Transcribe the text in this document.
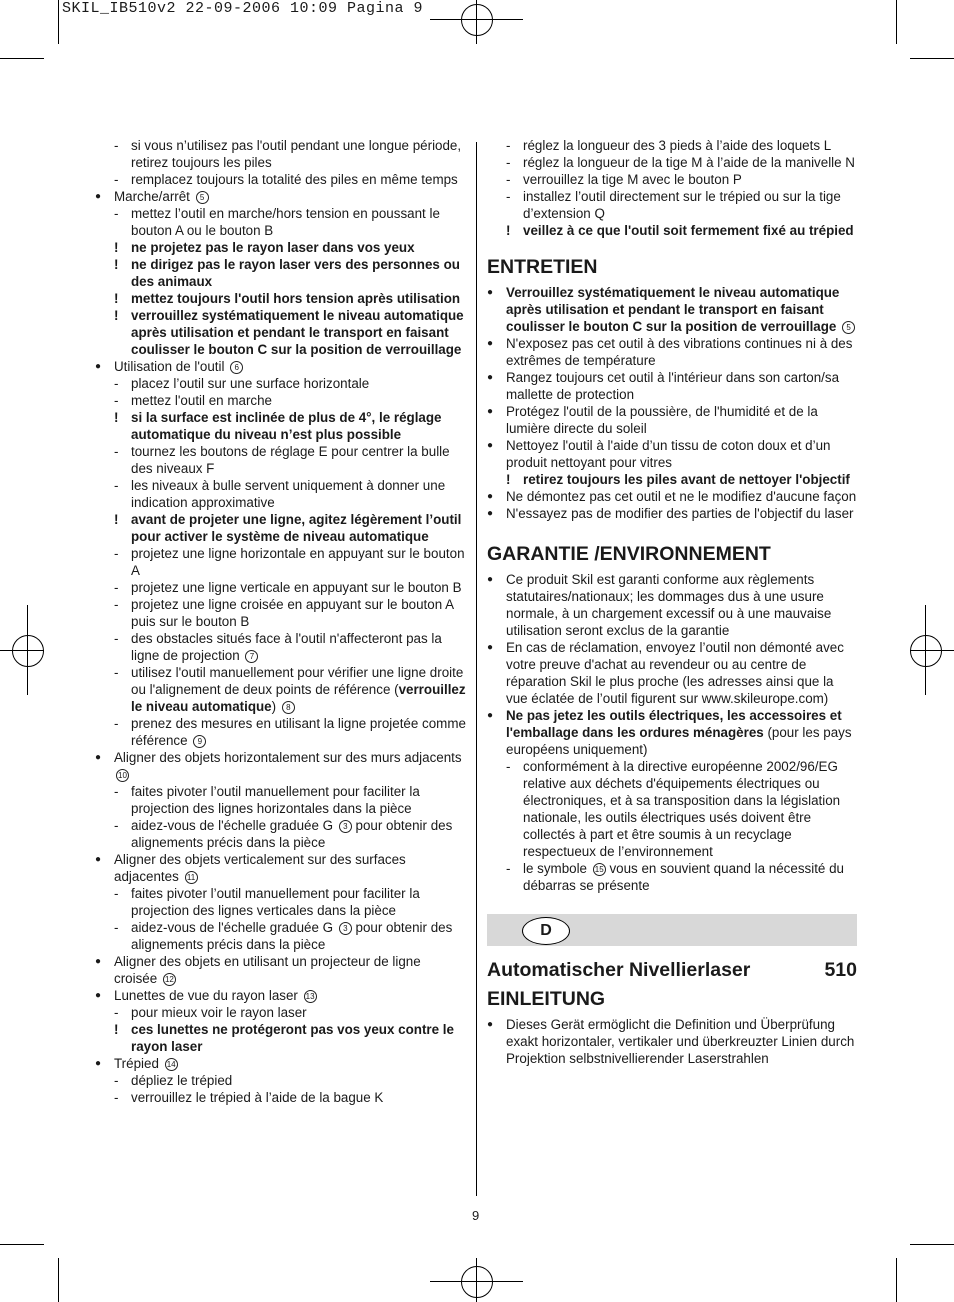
SKIL_IB510v2 22-09-2006 10:09 Pagina 9
- si vous n’utilisez pas l'outil pendant une longue période, retirez toujours les piles
- remplacez toujours la totalité des piles en même temps
● Marche/arrêt 5
- mettez l’outil en marche/hors tension en poussant le bouton A ou le bouton B
! ne projetez pas le rayon laser dans vos yeux
! ne dirigez pas le rayon laser vers des personnes ou des animaux
! mettez toujours l'outil hors tension après utilisation
! verrouillez systématiquement le niveau automatique après utilisation et pendant le transport en faisant coulisser le bouton C sur la position de verrouillage
● Utilisation de l'outil 6
- placez l’outil sur une surface horizontale
- mettez l'outil en marche
! si la surface est inclinée de plus de 4°, le réglage automatique du niveau n’est plus possible
- tournez les boutons de réglage E pour centrer la bulle des niveaux F
- les niveaux à bulle servent uniquement à donner une indication approximative
! avant de projeter une ligne, agitez légèrement l’outil pour activer le système de niveau automatique
- projetez une ligne horizontale en appuyant sur le bouton A
- projetez une ligne verticale en appuyant sur le bouton B
- projetez une ligne croisée en appuyant sur le bouton A puis sur le bouton B
- des obstacles situés face à l'outil n'affecteront pas la ligne de projection 7
- utilisez l'outil manuellement pour vérifier une ligne droite ou l'alignement de deux points de référence (verrouillez le niveau automatique) 8
- prenez des mesures en utilisant la ligne projetée comme référence 9
● Aligner des objets horizontalement sur des murs adjacents 10
- faites pivoter l’outil manuellement pour faciliter la projection des lignes horizontales dans la pièce
- aidez-vous de l'échelle graduée G 3 pour obtenir des alignements précis dans la pièce
● Aligner des objets verticalement sur des surfaces adjacentes 11
- faites pivoter l’outil manuellement pour faciliter la projection des lignes verticales dans la pièce
- aidez-vous de l'échelle graduée G 3 pour obtenir des alignements précis dans la pièce
● Aligner des objets en utilisant un projecteur de ligne croisée 12
● Lunettes de vue du rayon laser 13
- pour mieux voir le rayon laser
! ces lunettes ne protégeront pas vos yeux contre le rayon laser
● Trépied 14
- dépliez le trépied
- verrouillez le trépied à l’aide de la bague K
- réglez la longueur des 3 pieds à l’aide des loquets L
- réglez la longueur de la tige M à l’aide de la manivelle N
- verrouillez la tige M avec le bouton P
- installez l’outil directement sur le trépied ou sur la tige d’extension Q
! veillez à ce que l'outil soit fermement fixé au trépied
ENTRETIEN
● Verrouillez systématiquement le niveau automatique après utilisation et pendant le transport en faisant coulisser le bouton C sur la position de verrouillage 5
● N'exposez pas cet outil à des vibrations continues ni à des extrêmes de température
● Rangez toujours cet outil à l'intérieur dans son carton/sa mallette de protection
● Protégez l'outil de la poussière, de l'humidité et de la lumière directe du soleil
● Nettoyez l'outil à l'aide d’un tissu de coton doux et d’un produit nettoyant pour vitres
! retirez toujours les piles avant de nettoyer l'objectif
● Ne démontez pas cet outil et ne le modifiez d'aucune façon
● N'essayez pas de modifier des parties de l'objectif du laser
GARANTIE /ENVIRONNEMENT
● Ce produit Skil est garanti conforme aux règlements statutaires/nationaux; les dommages dus à une usure normale, à un chargement excessif ou à une mauvaise utilisation seront exclus de la garantie
● En cas de réclamation, envoyez l’outil non démonté avec votre preuve d'achat au revendeur ou au centre de réparation Skil le plus proche (les adresses ainsi que la vue éclatée de l’outil figurent sur www.skileurope.com)
● Ne pas jetez les outils électriques, les accessoires et l'emballage dans les ordures ménagères (pour les pays européens uniquement)
- conformément à la directive européenne 2002/96/EG relative aux déchets d'équipements électriques ou électroniques, et à sa transposition dans la législation nationale, les outils électriques usés doivent être collectés à part et être soumis à un recyclage respectueux de l’environnement
- le symbole 15 vous en souvient quand la nécessité du débarras se présente
D
Automatischer Nivellierlaser	510
EINLEITUNG
● Dieses Gerät ermöglicht die Definition und Überprüfung exakt horizontaler, vertikaler und überkreuzter Linien durch Projektion selbstnivellierender Laserstrahlen
9
